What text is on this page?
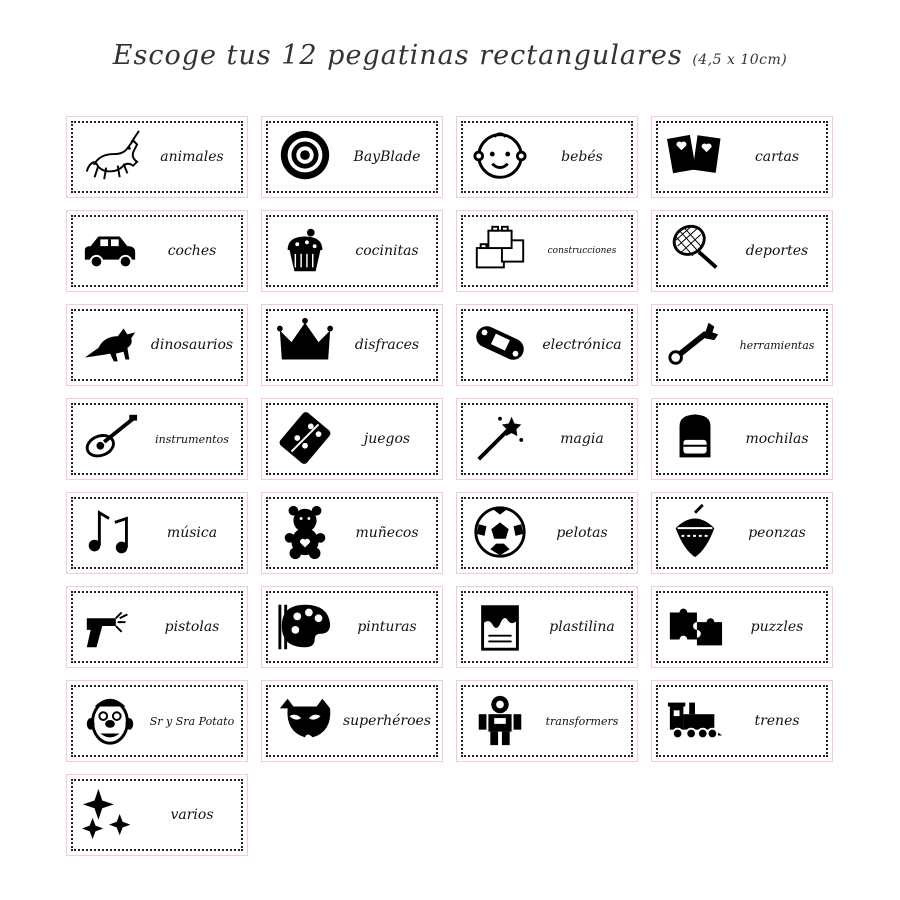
Escoge tus 12 pegatinas rectangulares (4,5 x 10cm)
animales	BayBlade	bebés	cartas
coches	cocinitas	construcciones	deportes
dinosaurios	disfraces	electrónica	herramientas
instrumentos	juegos	magia	mochilas
música	muñecos	pelotas	peonzas
pistolas	pinturas	plastilina	puzzles
Sr y Sra Potato	superhéroes	transformers	trenes
varios
